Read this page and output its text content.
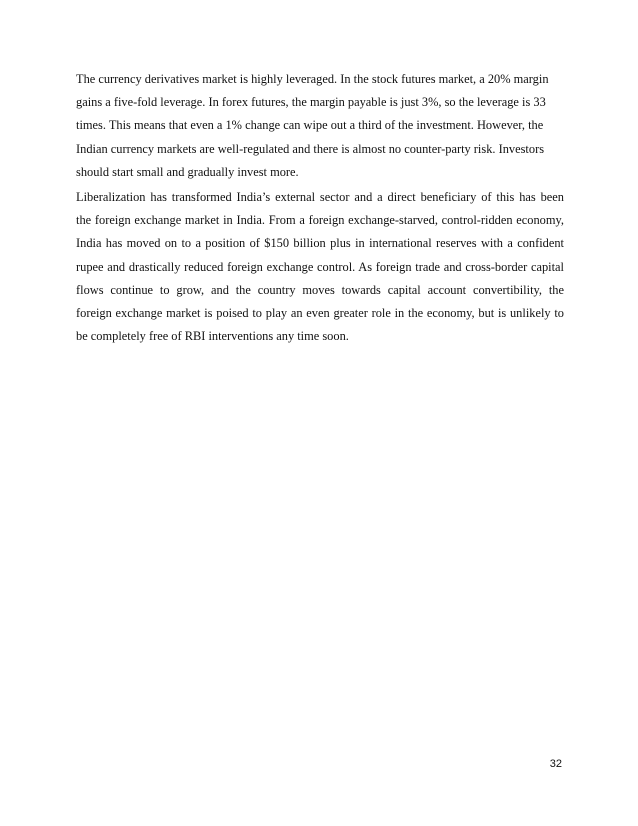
The currency derivatives market is highly leveraged. In the stock futures market, a 20% margin
gains a five-fold leverage. In forex futures, the margin payable is just 3%, so the leverage is 33
times. This means that even a 1% change can wipe out a third of the investment. However, the
Indian currency markets are well-regulated and there is almost no counter-party risk. Investors
should start small and gradually invest more.
Liberalization has transformed India’s external sector and a direct beneficiary of this has been
the foreign exchange market in India. From a foreign exchange-starved, control-ridden economy,
India has moved on to a position of $150 billion plus in international reserves with a confident
rupee and drastically reduced foreign exchange control. As foreign trade and cross-border capital
flows continue to grow, and the country moves towards capital account convertibility, the
foreign exchange market is poised to play an even greater role in the economy, but is unlikely to
be completely free of RBI interventions any time soon.
32
